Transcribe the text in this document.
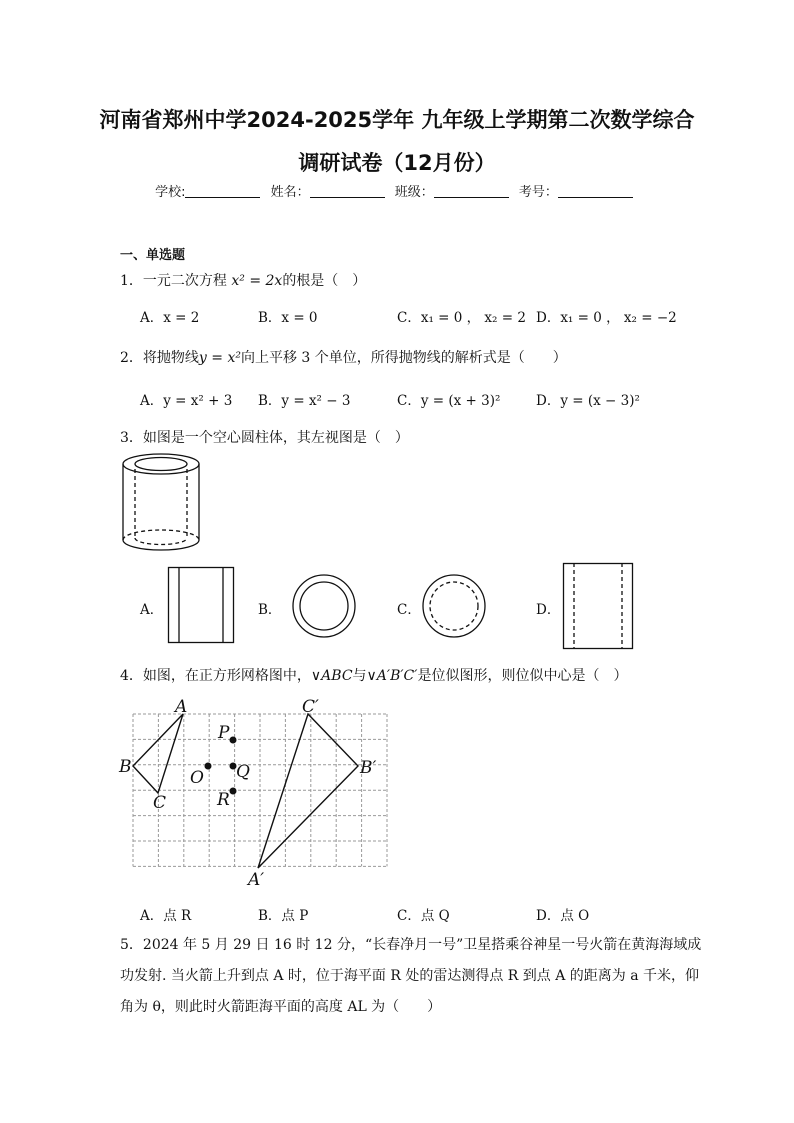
河南省郑州中学2024-2025学年 九年级上学期第二次数学综合
调研试卷（12月份）
学校:	姓名：	班级：	考号：
一、单选题
1．一元二次方程 x² = 2x的根是（　）
A．x = 2	B．x = 0	C．x₁ = 0 ， x₂ = 2 D．x₁ = 0 ， x₂ = −2
2．将抛物线y = x²向上平移 3 个单位，所得抛物线的解析式是（　　）
A．y = x² + 3 B．y = x² − 3	C．y = (x + 3)²	D．y = (x − 3)²
3．如图是一个空心圆柱体，其左视图是（　）
A．	B．	C．	D．
4．如图，在正方形网格图中，∨ABC与∨A′B′C′是位似图形，则位似中心是（　）
A
B
C
A′
B′
C′
P
O Q
R
A．点 R	B．点 P	C．点 Q	D．点 O
5．2024 年 5 月 29 日 16 时 12 分，“长春净月一号”卫星搭乘谷神星一号火箭在黄海海域成
功发射. 当火箭上升到点 A 时，位于海平面 R 处的雷达测得点 R 到点 A 的距离为 a 千米，仰
角为 θ，则此时火箭距海平面的高度 AL 为（　　）
